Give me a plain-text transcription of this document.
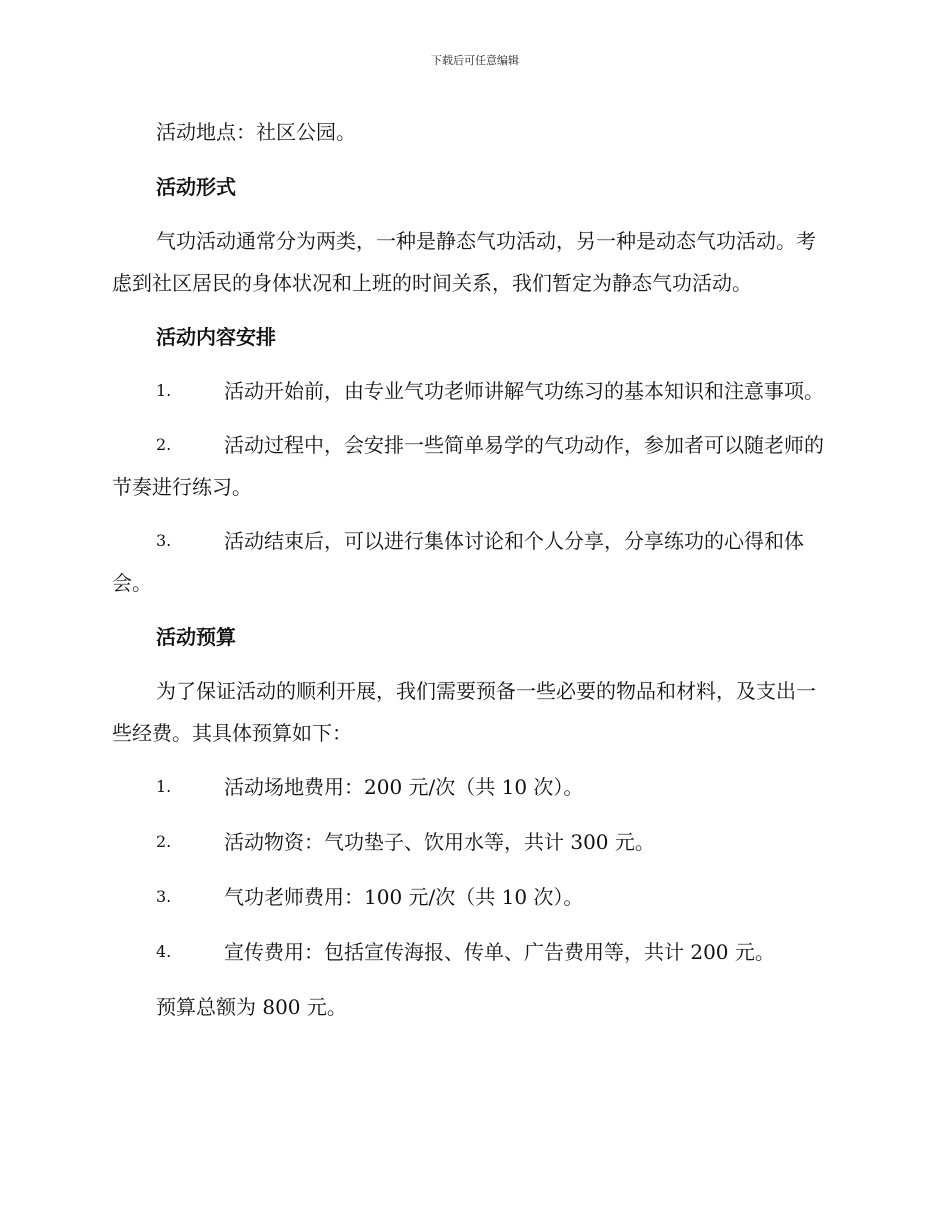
下载后可任意编辑

活动地点：社区公园。

活动形式

气功活动通常分为两类，一种是静态气功活动，另一种是动态气功活动。考虑到社区居民的身体状况和上班的时间关系，我们暂定为静态气功活动。

活动内容安排
1.	活动开始前，由专业气功老师讲解气功练习的基本知识和注意事项。
2.	活动过程中，会安排一些简单易学的气功动作，参加者可以随老师的节奏进行练习。
3.	活动结束后，可以进行集体讨论和个人分享，分享练功的心得和体会。
活动预算

为了保证活动的顺利开展，我们需要预备一些必要的物品和材料，及支出一些经费。其具体预算如下：

1.	活动场地费用：200 元/次（共 10 次）。
2.	活动物资：气功垫子、饮用水等，共计 300 元。
3.	气功老师费用：100 元/次（共 10 次）。
4.	宣传费用：包括宣传海报、传单、广告费用等，共计 200 元。

预算总额为 800 元。
